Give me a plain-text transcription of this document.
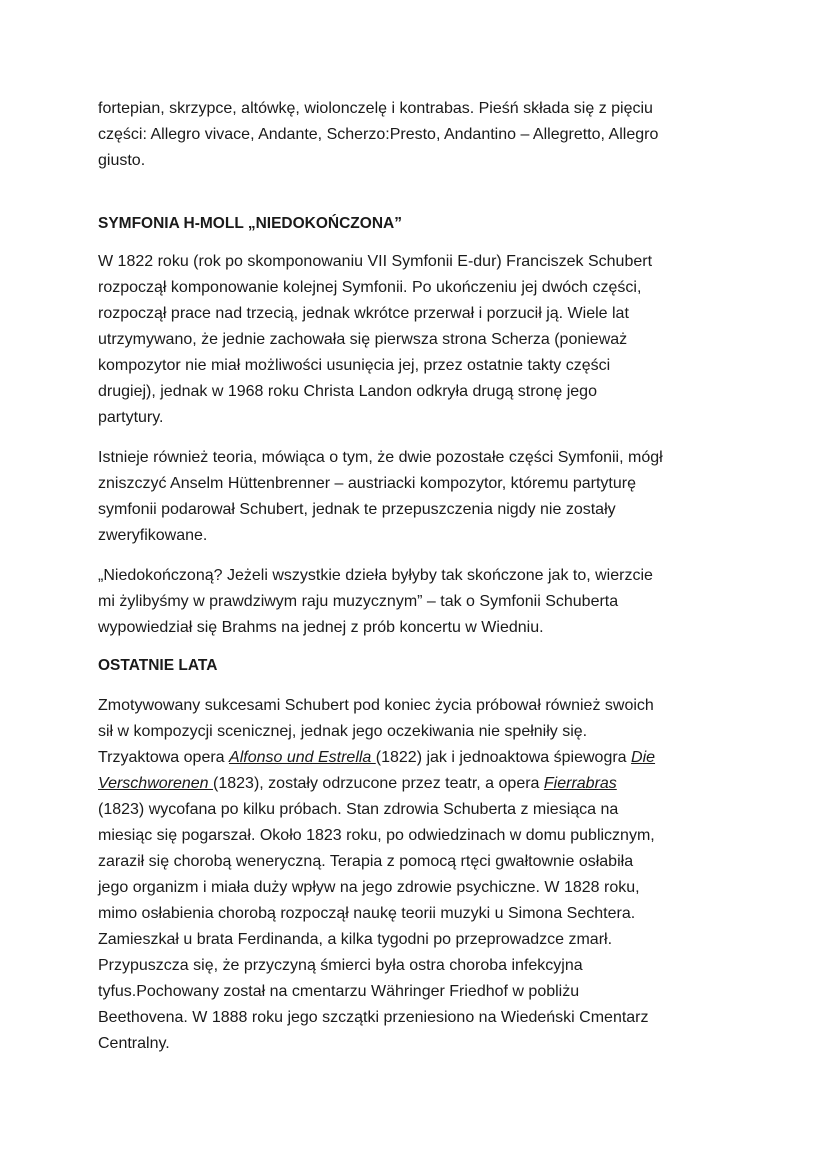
fortepian, skrzypce, altówkę, wiolonczelę i kontrabas. Pieśń składa się z pięciu
części: Allegro vivace, Andante, Scherzo:Presto, Andantino – Allegretto, Allegro
giusto.

SYMFONIA H-MOLL „NIEDOKOŃCZONA”

W 1822 roku (rok po skomponowaniu VII Symfonii E-dur) Franciszek Schubert
rozpoczął komponowanie kolejnej Symfonii. Po ukończeniu jej dwóch części,
rozpoczął prace nad trzecią, jednak wkrótce przerwał i porzucił ją. Wiele lat
utrzymywano, że jednie zachowała się pierwsza strona Scherza (ponieważ
kompozytor nie miał możliwości usunięcia jej, przez ostatnie takty części
drugiej), jednak w 1968 roku Christa Landon odkryła drugą stronę jego
partytury.

Istnieje również teoria, mówiąca o tym, że dwie pozostałe części Symfonii, mógł
zniszczyć Anselm Hüttenbrenner – austriacki kompozytor, któremu partyturę
symfonii podarował Schubert, jednak te przepuszczenia nigdy nie zostały
zweryfikowane.

„Niedokończoną? Jeżeli wszystkie dzieła byłyby tak skończone jak to, wierzcie
mi żylibyśmy w prawdziwym raju muzycznym” – tak o Symfonii Schuberta
wypowiedział się Brahms na jednej z prób koncertu w Wiedniu.

OSTATNIE LATA

Zmotywowany sukcesami Schubert pod koniec życia próbował również swoich
sił w kompozycji scenicznej, jednak jego oczekiwania nie spełniły się.
Trzyaktowa opera Alfonso und Estrella (1822) jak i jednoaktowa śpiewogra Die
Verschworenen (1823), zostały odrzucone przez teatr, a opera Fierrabras
(1823) wycofana po kilku próbach. Stan zdrowia Schuberta z miesiąca na
miesiąc się pogarszał. Około 1823 roku, po odwiedzinach w domu publicznym,
zaraził się chorobą weneryczną. Terapia z pomocą rtęci gwałtownie osłabiła
jego organizm i miała duży wpływ na jego zdrowie psychiczne. W 1828 roku,
mimo osłabienia chorobą rozpoczął naukę teorii muzyki u Simona Sechtera.
Zamieszkał u brata Ferdinanda, a kilka tygodni po przeprowadzce zmarł.
Przypuszcza się, że przyczyną śmierci była ostra choroba infekcyjna
tyfus.Pochowany został na cmentarzu Währinger Friedhof w pobliżu
Beethovena. W 1888 roku jego szczątki przeniesiono na Wiedeński Cmentarz
Centralny.
